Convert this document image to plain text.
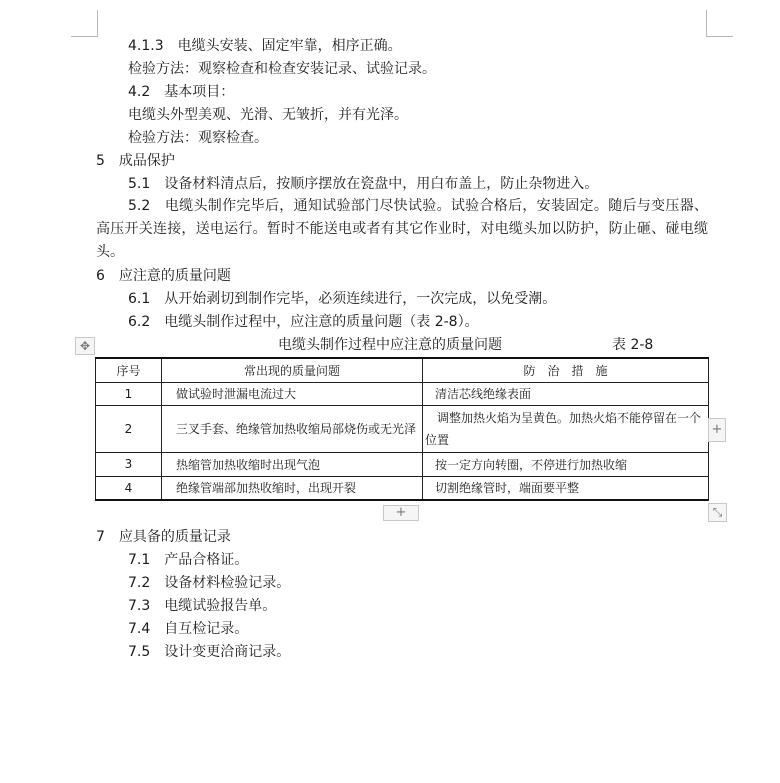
4.1.3　电缆头安装、固定牢靠，相序正确。
检验方法：观察检查和检查安装记录、试验记录。
4.2　基本项目：
电缆头外型美观、光滑、无皱折，并有光泽。
检验方法：观察检查。
5　成品保护
5.1　设备材料清点后，按顺序摆放在瓷盘中，用白布盖上，防止杂物进入。
5.2　电缆头制作完毕后，通知试验部门尽快试验。试验合格后，安装固定。随后与变压器、高压开关连接，送电运行。暂时不能送电或者有其它作业时，对电缆头加以防护，防止砸、碰电缆头。
6　应注意的质量问题
6.1　从开始剥切到制作完毕，必须连续进行，一次完成，以免受潮。
6.2　电缆头制作过程中，应注意的质量问题（表 2-8）。
✥	电缆头制作过程中应注意的质量问题	表 2-8
序号	常出现的质量问题	防　治　措　施
1	做试验时泄漏电流过大	清洁芯线绝缘表面
2	三叉手套、绝缘管加热收缩局部烧伤或无光泽	调整加热火焰为呈黄色。加热火焰不能停留在一个位置
3	热缩管加热收缩时出现气泡	按一定方向转圈，不停进行加热收缩
4	绝缘管端部加热收缩时，出现开裂	切割绝缘管时，端面要平整
+
+	⤡
7　应具备的质量记录
7.1　产品合格证。
7.2　设备材料检验记录。
7.3　电缆试验报告单。
7.4　自互检记录。
7.5　设计变更洽商记录。
